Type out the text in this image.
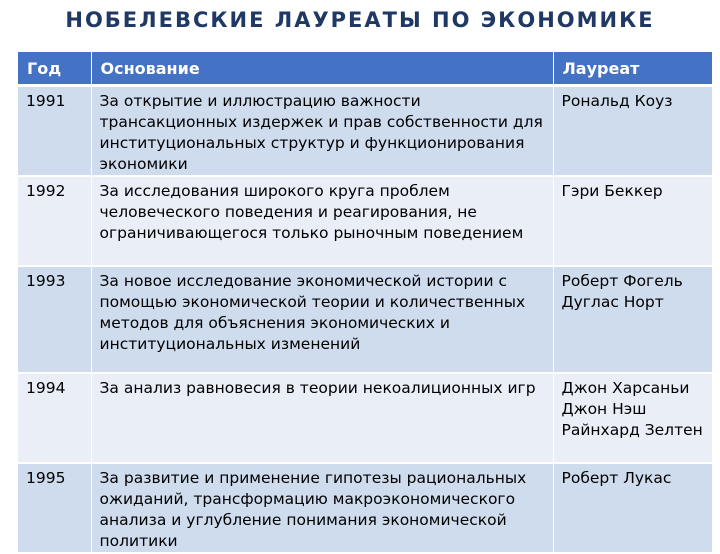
НОБЕЛЕВСКИЕ ЛАУРЕАТЫ ПО ЭКОНОМИКЕ
Год	Основание	Лауреат
1991	За открытие и иллюстрацию важности трансакционных издержек и прав собственности для институциональных структур и функционирования экономики	Рональд Коуз

1992	За исследования широкого круга проблем человеческого поведения и реагирования, не ограничивающегося только рыночным поведением	Гэри Беккер

1993	За новое исследование экономической истории с помощью экономической теории и количественных методов для объяснения экономических и институциональных изменений	Роберт Фогель
Дуглас Норт

1994	За анализ равновесия в теории некоалиционных игр	Джон Харсаньи
Джон Нэш
Райнхард Зелтен

1995	За развитие и применение гипотезы рациональных ожиданий, трансформацию макроэкономического анализа и углубление понимания экономической политики	Роберт Лукас
